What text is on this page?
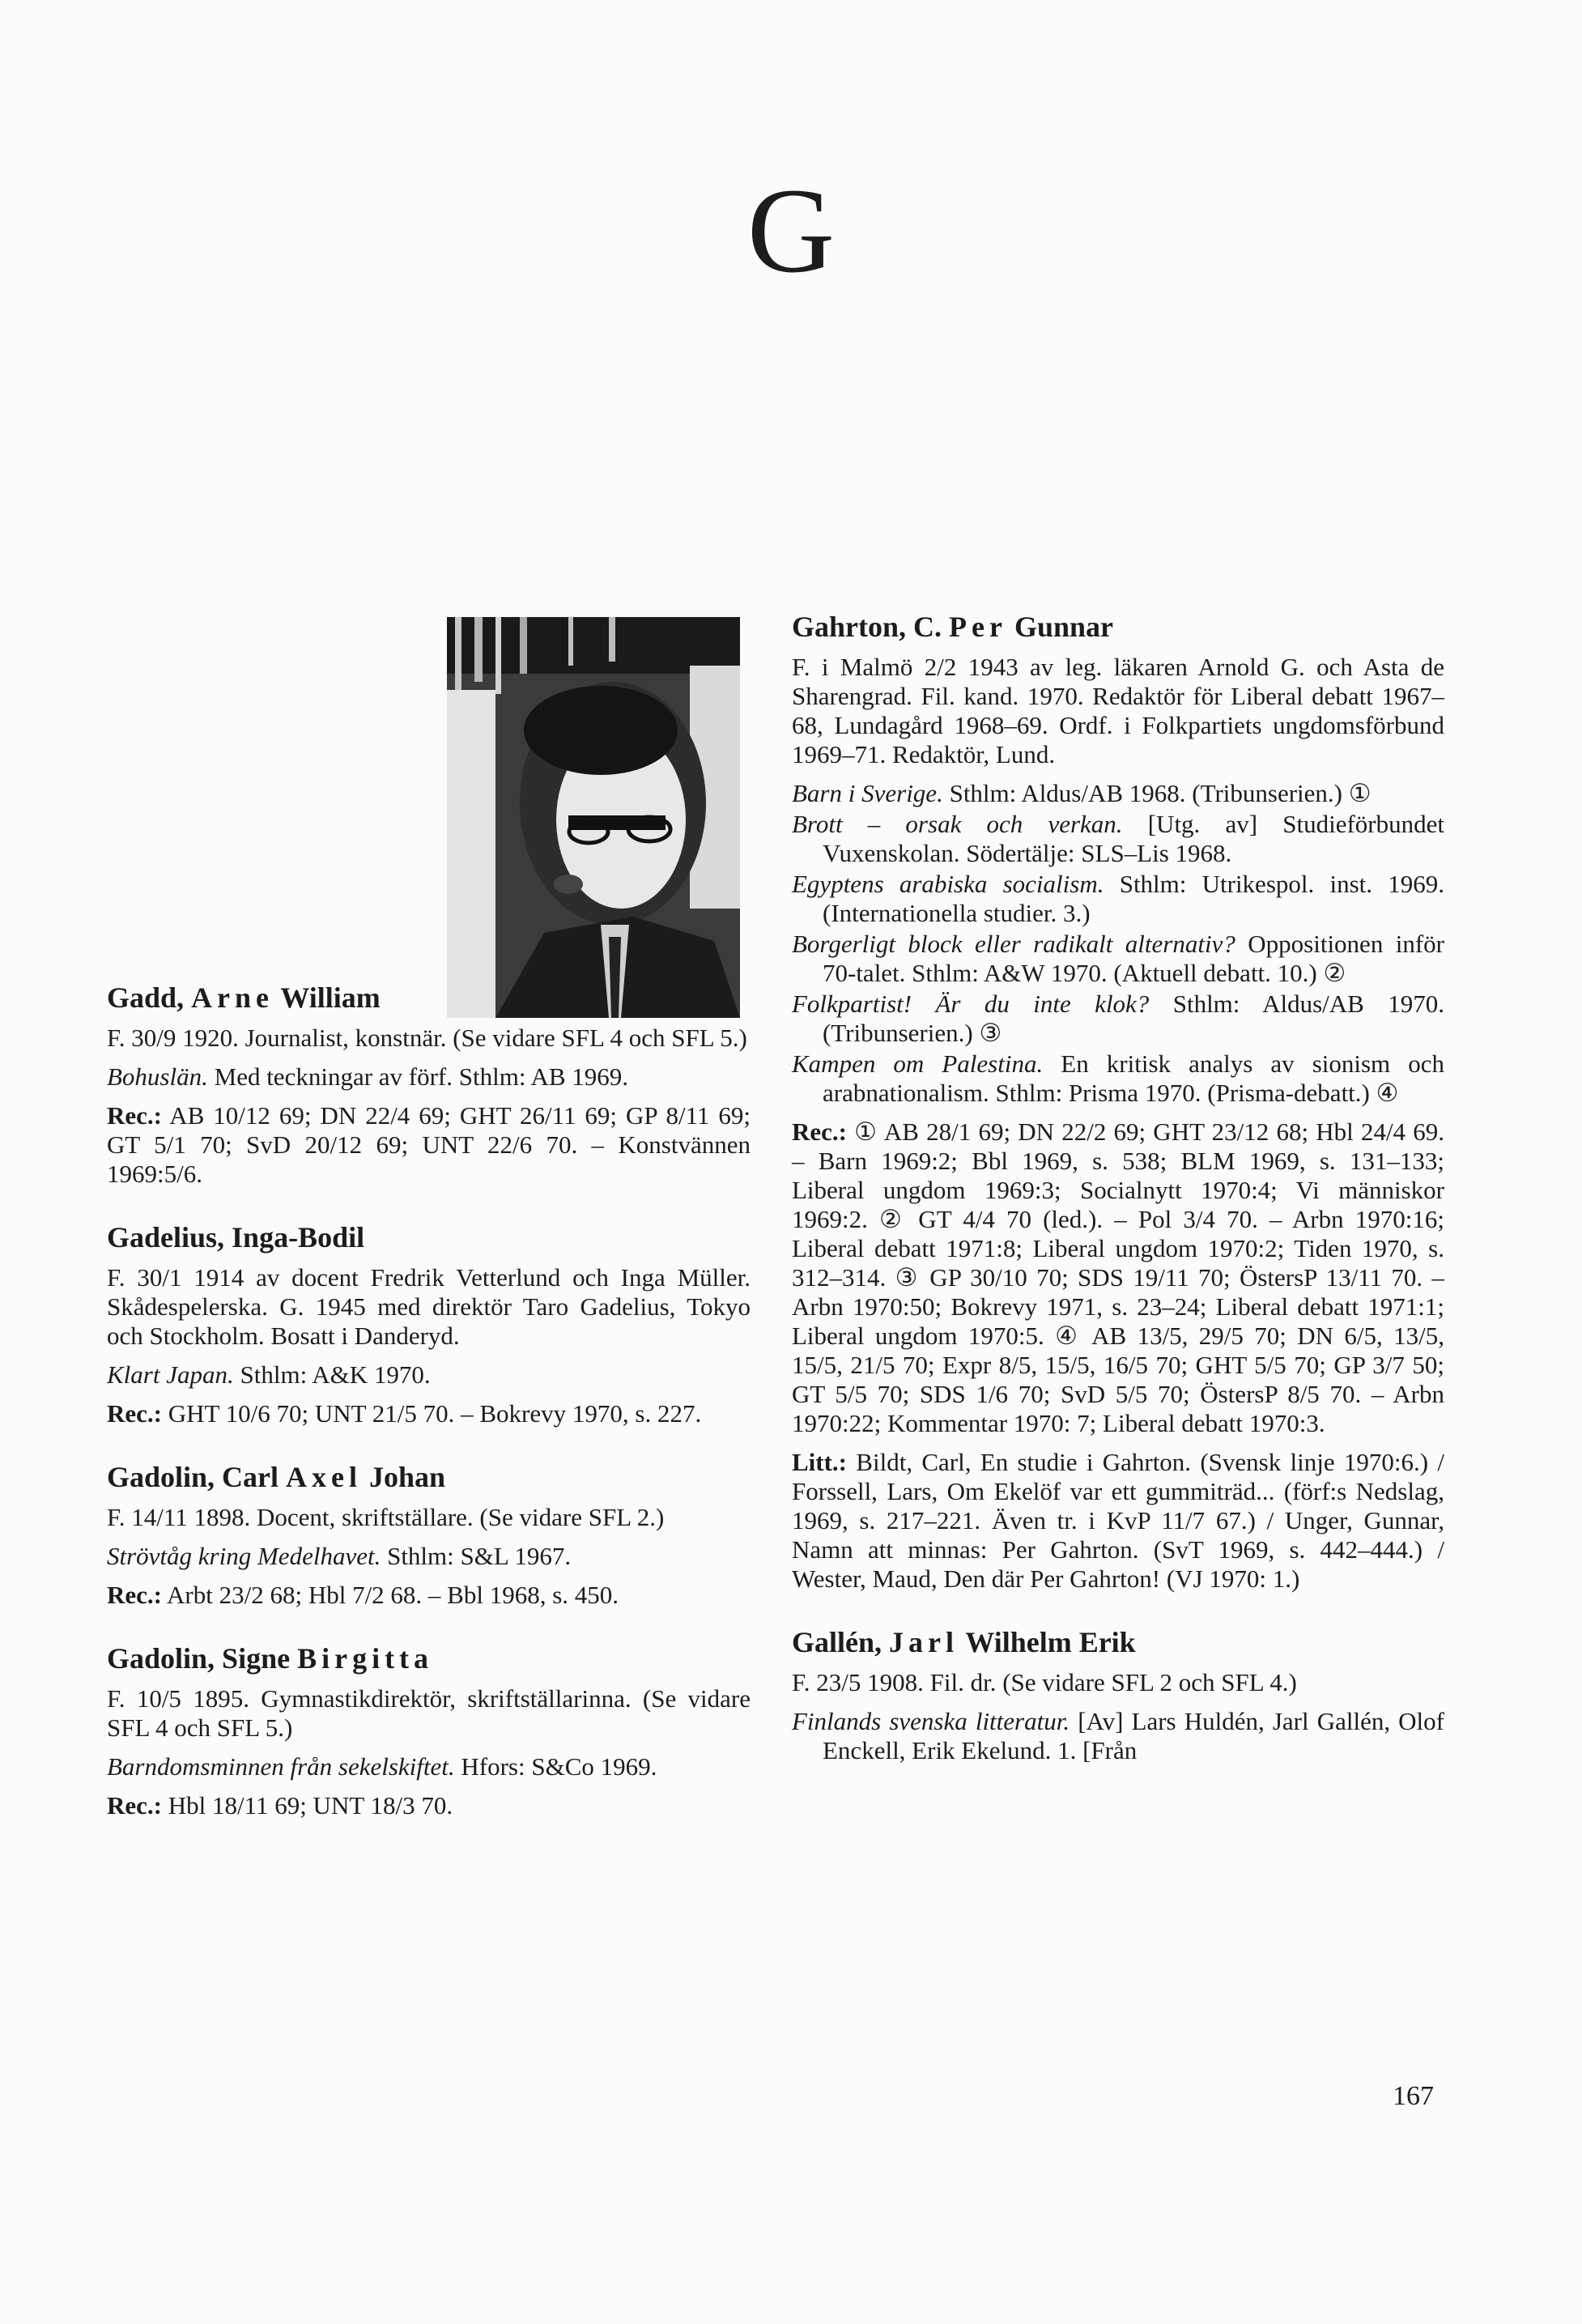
G
Gadd, Arne William

F. 30/9 1920. Journalist, konstnär. (Se vidare SFL 4 och SFL 5.)

Bohuslän. Med teckningar av förf. Sthlm: AB 1969.

Rec.: AB 10/12 69; DN 22/4 69; GHT 26/11 69; GP 8/11 69; GT 5/1 70; SvD 20/12 69; UNT 22/6 70. – Konstvännen 1969:5/6.

Gadelius, Inga-Bodil

F. 30/1 1914 av docent Fredrik Vetterlund och Inga Müller. Skådespelerska. G. 1945 med direktör Taro Gadelius, Tokyo och Stockholm. Bosatt i Danderyd.

Klart Japan. Sthlm: A&K 1970.

Rec.: GHT 10/6 70; UNT 21/5 70. – Bokrevy 1970, s. 227.

Gadolin, Carl Axel Johan

F. 14/11 1898. Docent, skriftställare. (Se vidare SFL 2.)

Strövtåg kring Medelhavet. Sthlm: S&L 1967.

Rec.: Arbt 23/2 68; Hbl 7/2 68. – Bbl 1968, s. 450.

Gadolin, Signe Birgitta

F. 10/5 1895. Gymnastikdirektör, skriftställarinna. (Se vidare SFL 4 och SFL 5.)

Barndomsminnen från sekelskiftet. Hfors: S&Co 1969.

Rec.: Hbl 18/11 69; UNT 18/3 70.

Gahrton, C. Per Gunnar

F. i Malmö 2/2 1943 av leg. läkaren Arnold G. och Asta de Sharengrad. Fil. kand. 1970. Redaktör för Liberal debatt 1967–68, Lundagård 1968–69. Ordf. i Folkpartiets ungdomsförbund 1969–71. Redaktör, Lund.

Barn i Sverige. Sthlm: Aldus/AB 1968. (Tribunserien.) ①

Brott – orsak och verkan. [Utg. av] Studieförbundet Vuxenskolan. Södertälje: SLS–Lis 1968.

Egyptens arabiska socialism. Sthlm: Utrikespol. inst. 1969. (Internationella studier. 3.)

Borgerligt block eller radikalt alternativ? Oppositionen inför 70-talet. Sthlm: A&W 1970. (Aktuell debatt. 10.) ②

Folkpartist! Är du inte klok? Sthlm: Aldus/AB 1970. (Tribunserien.) ③

Kampen om Palestina. En kritisk analys av sionism och arabnationalism. Sthlm: Prisma 1970. (Prisma-debatt.) ④

Rec.: ① AB 28/1 69; DN 22/2 69; GHT 23/12 68; Hbl 24/4 69. – Barn 1969:2; Bbl 1969, s. 538; BLM 1969, s. 131–133; Liberal ungdom 1969:3; Socialnytt 1970:4; Vi människor 1969:2. ② GT 4/4 70 (led.). – Pol 3/4 70. – Arbn 1970:16; Liberal debatt 1971:8; Liberal ungdom 1970:2; Tiden 1970, s. 312–314. ③ GP 30/10 70; SDS 19/11 70; ÖstersP 13/11 70. – Arbn 1970:50; Bokrevy 1971, s. 23–24; Liberal debatt 1971:1; Liberal ungdom 1970:5. ④ AB 13/5, 29/5 70; DN 6/5, 13/5, 15/5, 21/5 70; Expr 8/5, 15/5, 16/5 70; GHT 5/5 70; GP 3/7 50; GT 5/5 70; SDS 1/6 70; SvD 5/5 70; ÖstersP 8/5 70. – Arbn 1970:22; Kommentar 1970: 7; Liberal debatt 1970:3.

Litt.: Bildt, Carl, En studie i Gahrton. (Svensk linje 1970:6.) / Forssell, Lars, Om Ekelöf var ett gummiträd... (förf:s Nedslag, 1969, s. 217–221. Även tr. i KvP 11/7 67.) / Unger, Gunnar, Namn att minnas: Per Gahrton. (SvT 1969, s. 442–444.) / Wester, Maud, Den där Per Gahrton! (VJ 1970: 1.)

Gallén, Jarl Wilhelm Erik

F. 23/5 1908. Fil. dr. (Se vidare SFL 2 och SFL 4.)

Finlands svenska litteratur. [Av] Lars Huldén, Jarl Gallén, Olof Enckell, Erik Ekelund. 1. [Från

167
